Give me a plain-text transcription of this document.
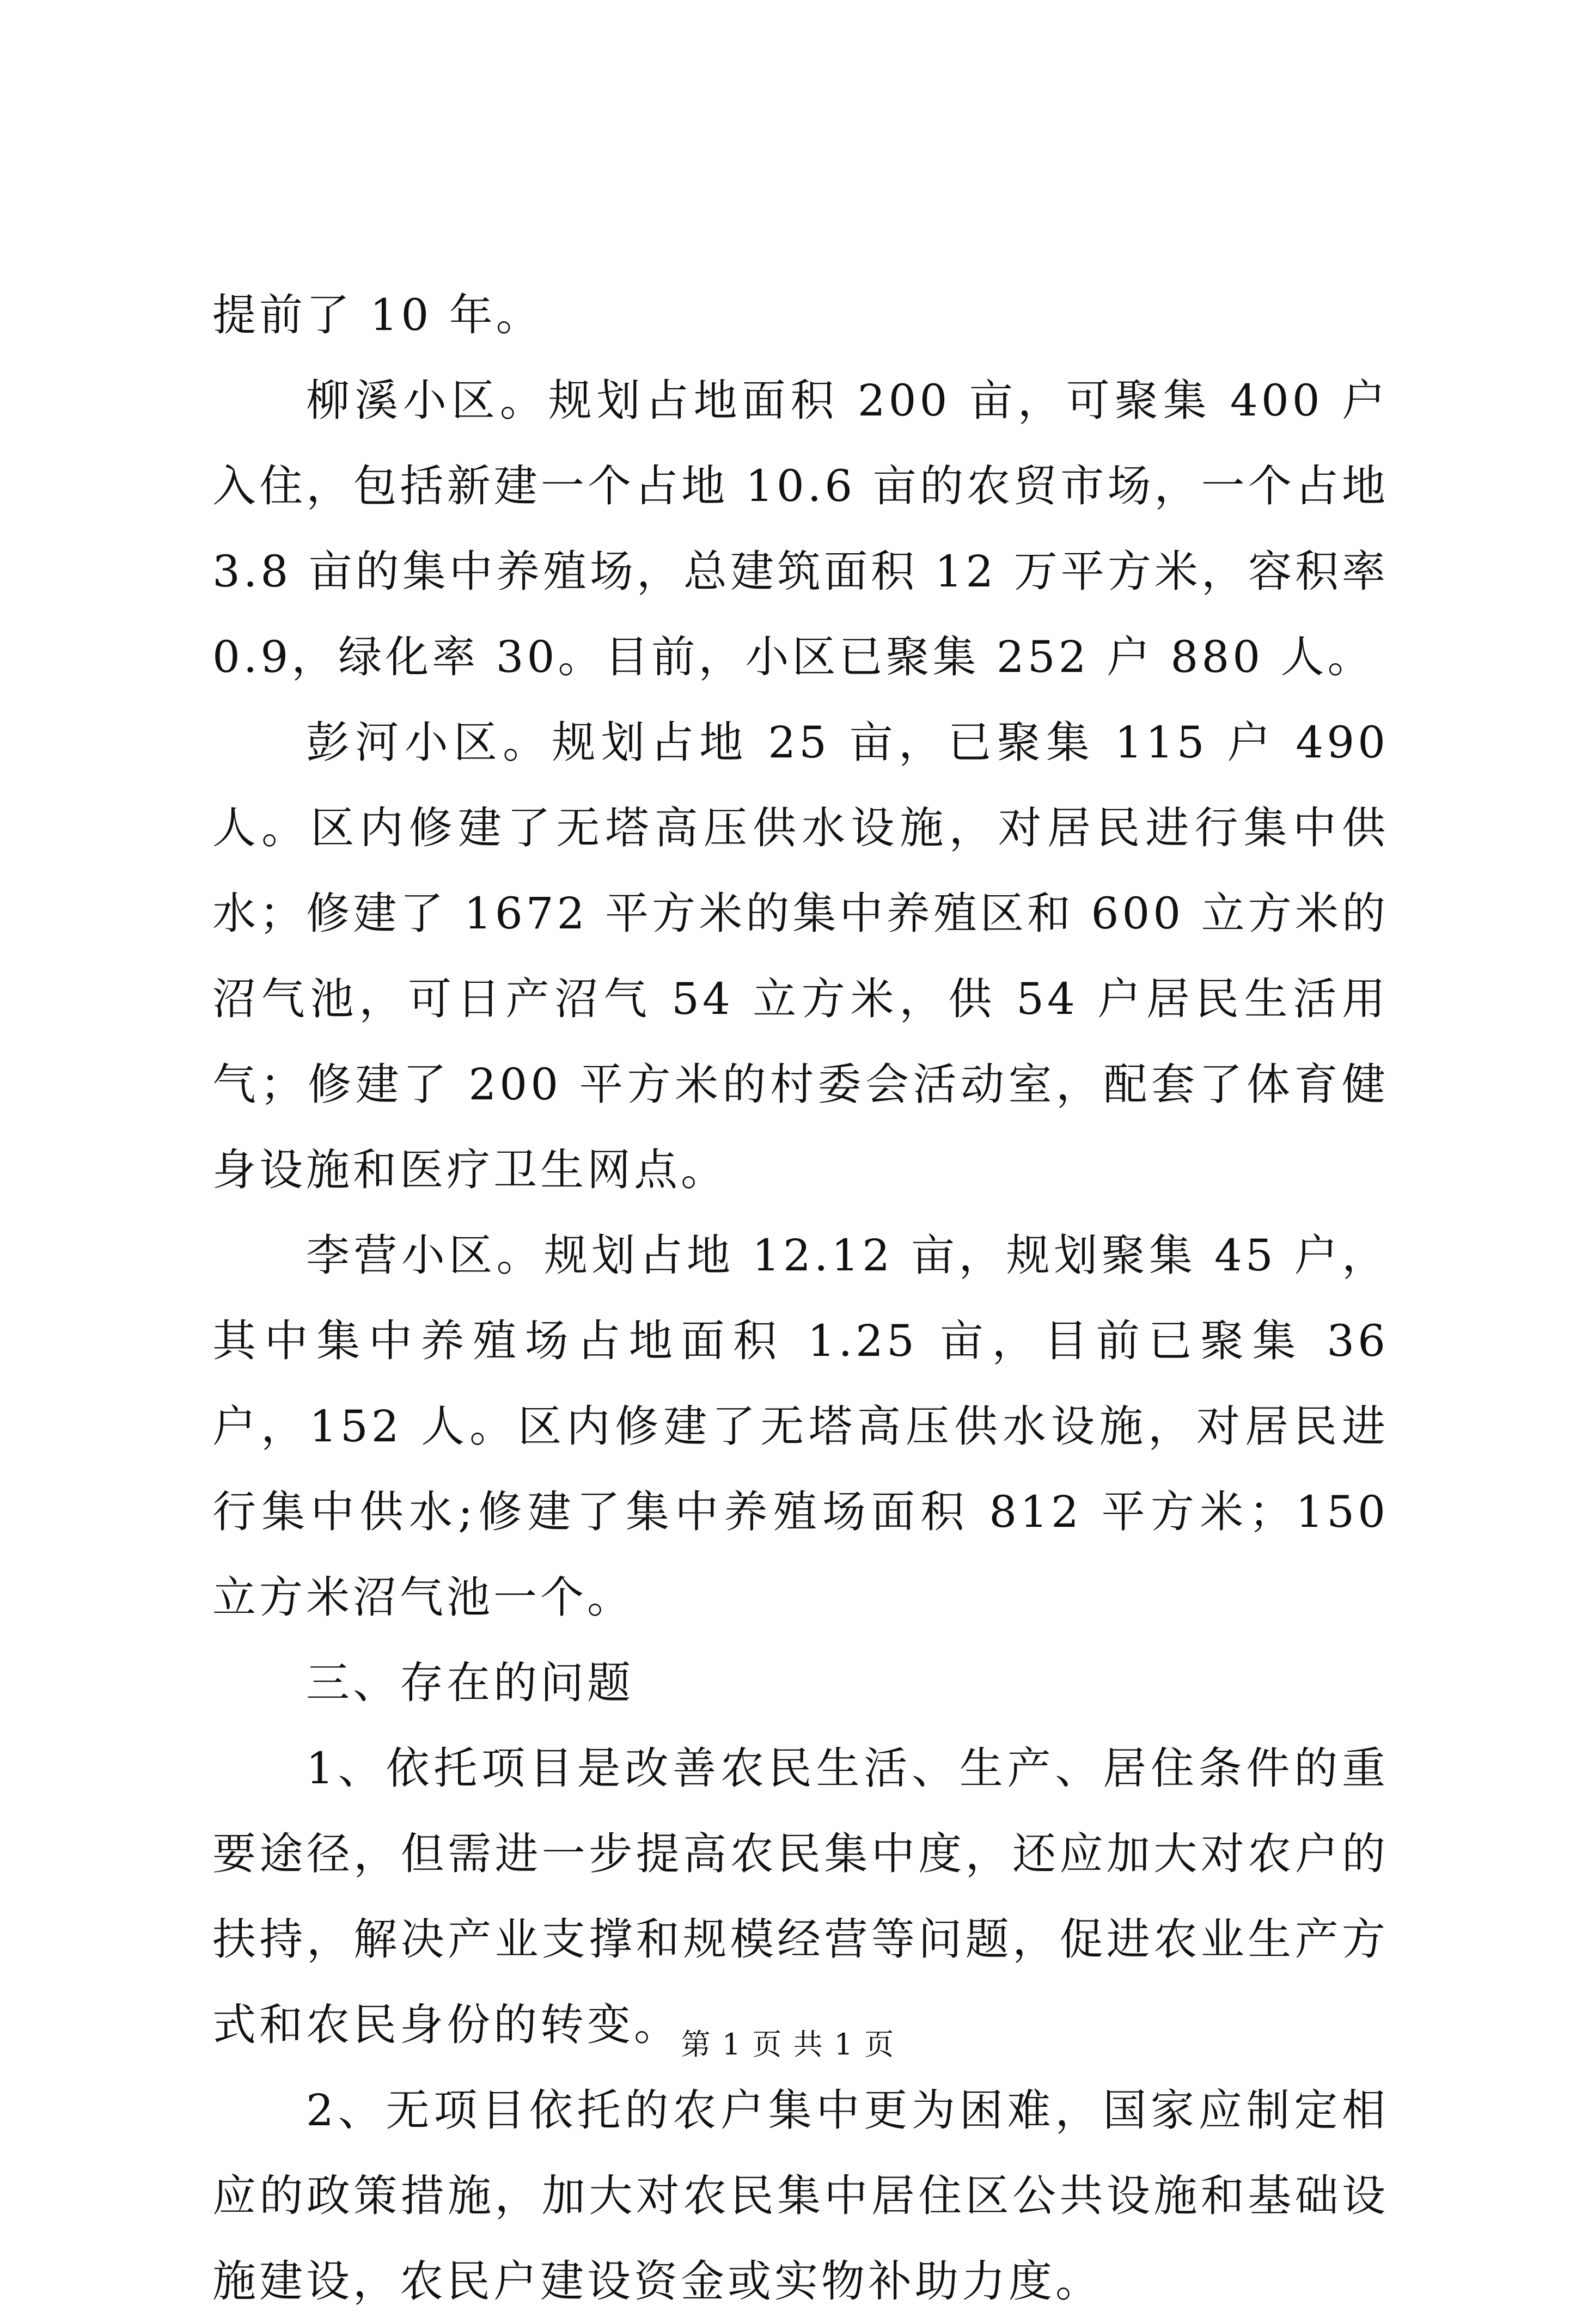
提前了 10 年。

柳溪小区。规划占地面积 200 亩，可聚集 400 户入住，包括新建一个占地 10.6 亩的农贸市场，一个占地 3.8 亩的集中养殖场，总建筑面积 12 万平方米，容积率 0.9，绿化率 30。目前，小区已聚集 252 户 880 人。

彭河小区。规划占地 25 亩，已聚集 115 户 490 人。区内修建了无塔高压供水设施，对居民进行集中供水；修建了 1672 平方米的集中养殖区和 600 立方米的沼气池，可日产沼气 54 立方米，供 54 户居民生活用气；修建了 200 平方米的村委会活动室，配套了体育健身设施和医疗卫生网点。

李营小区。规划占地 12.12 亩，规划聚集 45 户，其中集中养殖场占地面积 1.25 亩，目前已聚集 36 户，152 人。区内修建了无塔高压供水设施，对居民进行集中供水;修建了集中养殖场面积 812 平方米；150 立方米沼气池一个。

三、存在的问题

1、依托项目是改善农民生活、生产、居住条件的重要途径，但需进一步提高农民集中度，还应加大对农户的扶持，解决产业支撑和规模经营等问题，促进农业生产方式和农民身份的转变。

2、无项目依托的农户集中更为困难，国家应制定相应的政策措施，加大对农民集中居住区公共设施和基础设施建设，农民户建设资金或实物补助力度。

第 1 页 共 1 页
